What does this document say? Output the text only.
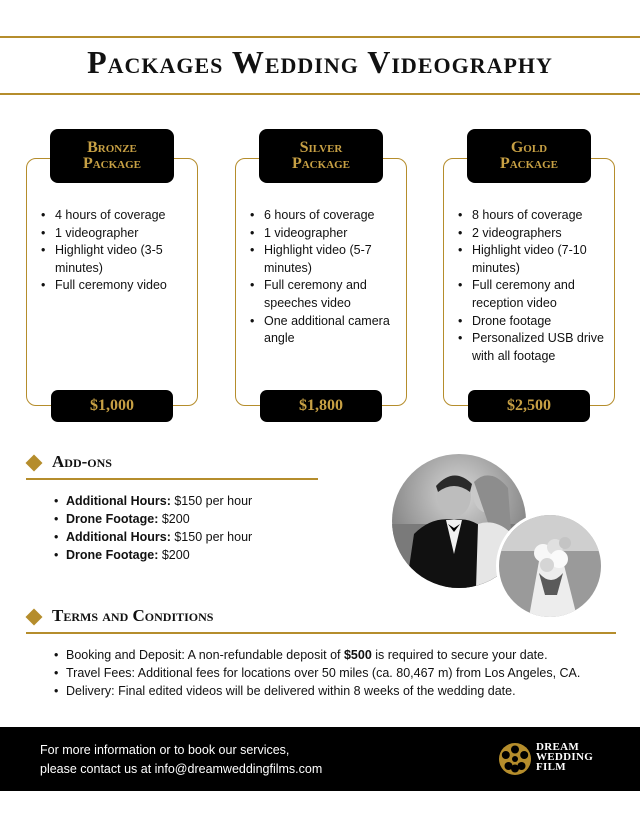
Packages Wedding Videography
Bronze
Package
• 4 hours of coverage
• 1 videographer
• Highlight video (3-5 minutes)
• Full ceremony video
$1,000
Silver
Package
• 6 hours of coverage
• 1 videographer
• Highlight video (5-7 minutes)
• Full ceremony and speeches video
• One additional camera angle
$1,800
Gold
Package
• 8 hours of coverage
• 2 videographers
• Highlight video (7-10 minutes)
• Full ceremony and reception video
• Drone footage
• Personalized USB drive with all footage
$2,500
Add-ons
• Additional Hours: $150 per hour
• Drone Footage: $200
• Additional Hours: $150 per hour
• Drone Footage: $200
Terms and Conditions
• Booking and Deposit: A non-refundable deposit of $500 is required to secure your date.
• Travel Fees: Additional fees for locations over 50 miles (ca. 80,467 m) from Los Angeles, CA.
• Delivery: Final edited videos will be delivered within 8 weeks of the wedding date.
For more information or to book our services,
please contact us at info@dreamweddingfilms.com
DREAM
WEDDING
FILM
